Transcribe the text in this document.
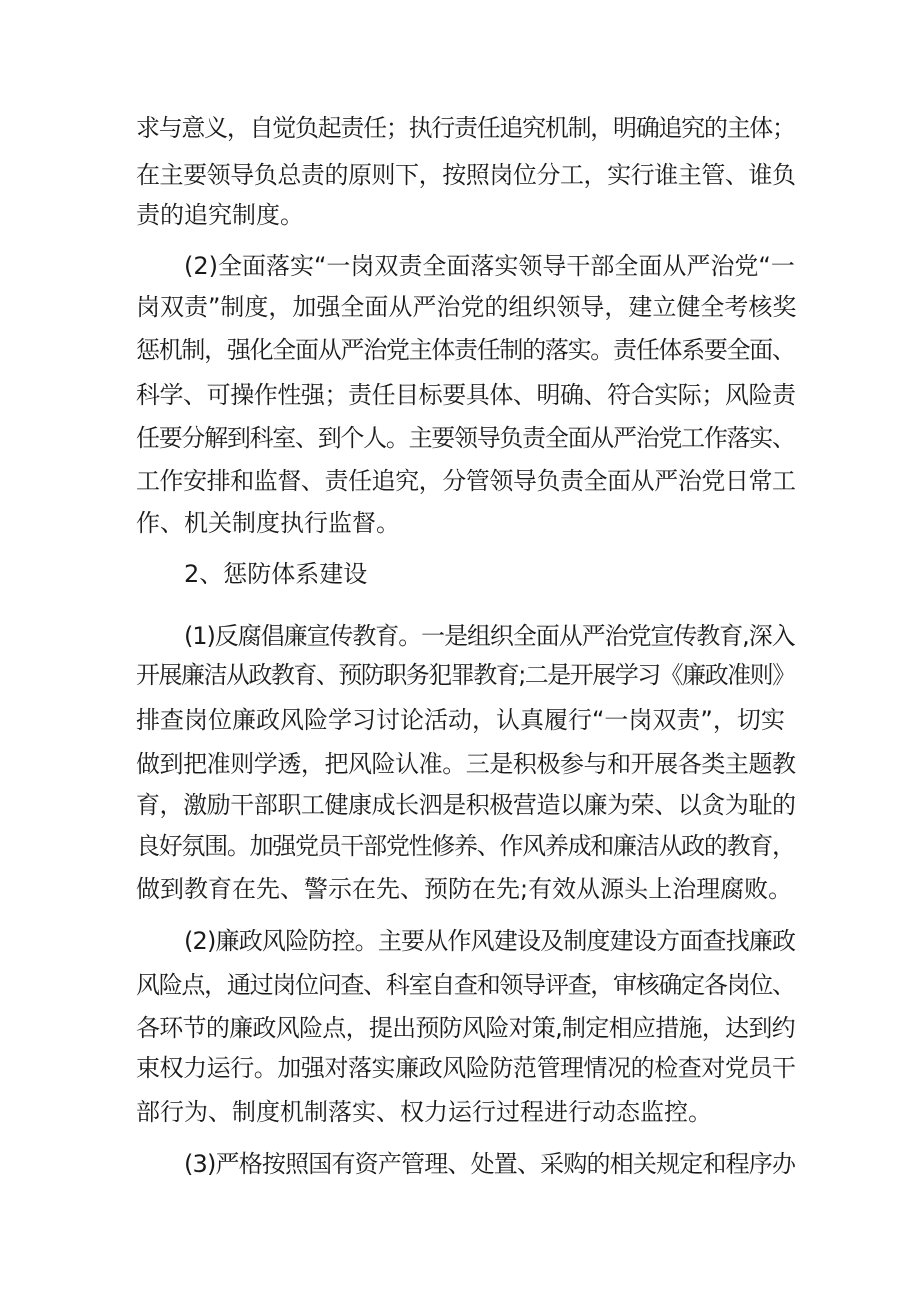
求与意义，自觉负起责任；执行责任追究机制，明确追究的主体；
在主要领导负总责的原则下，按照岗位分工，实行谁主管、谁负
责的追究制度。
(2)全面落实“一岗双责全面落实领导干部全面从严治党“一
岗双责”制度，加强全面从严治党的组织领导，建立健全考核奖
惩机制，强化全面从严治党主体责任制的落实。责任体系要全面、
科学、可操作性强；责任目标要具体、明确、符合实际；风险责
任要分解到科室、到个人。主要领导负责全面从严治党工作落实、
工作安排和监督、责任追究，分管领导负责全面从严治党日常工
作、机关制度执行监督。
2、惩防体系建设
(1)反腐倡廉宣传教育。一是组织全面从严治党宣传教育,深入
开展廉洁从政教育、预防职务犯罪教育;二是开展学习《廉政准则》
排查岗位廉政风险学习讨论活动，认真履行“一岗双责”，切实
做到把准则学透，把风险认准。三是积极参与和开展各类主题教
育，激励干部职工健康成长泗是积极营造以廉为荣、以贪为耻的
良好氛围。加强党员干部党性修养、作风养成和廉洁从政的教育，
做到教育在先、警示在先、预防在先;有效从源头上治理腐败。
(2)廉政风险防控。主要从作风建设及制度建设方面查找廉政
风险点，通过岗位问查、科室自查和领导评查，审核确定各岗位、
各环节的廉政风险点，提出预防风险对策,制定相应措施，达到约
束权力运行。加强对落实廉政风险防范管理情况的检查对党员干
部行为、制度机制落实、权力运行过程进行动态监控。
(3)严格按照国有资产管理、处置、采购的相关规定和程序办
